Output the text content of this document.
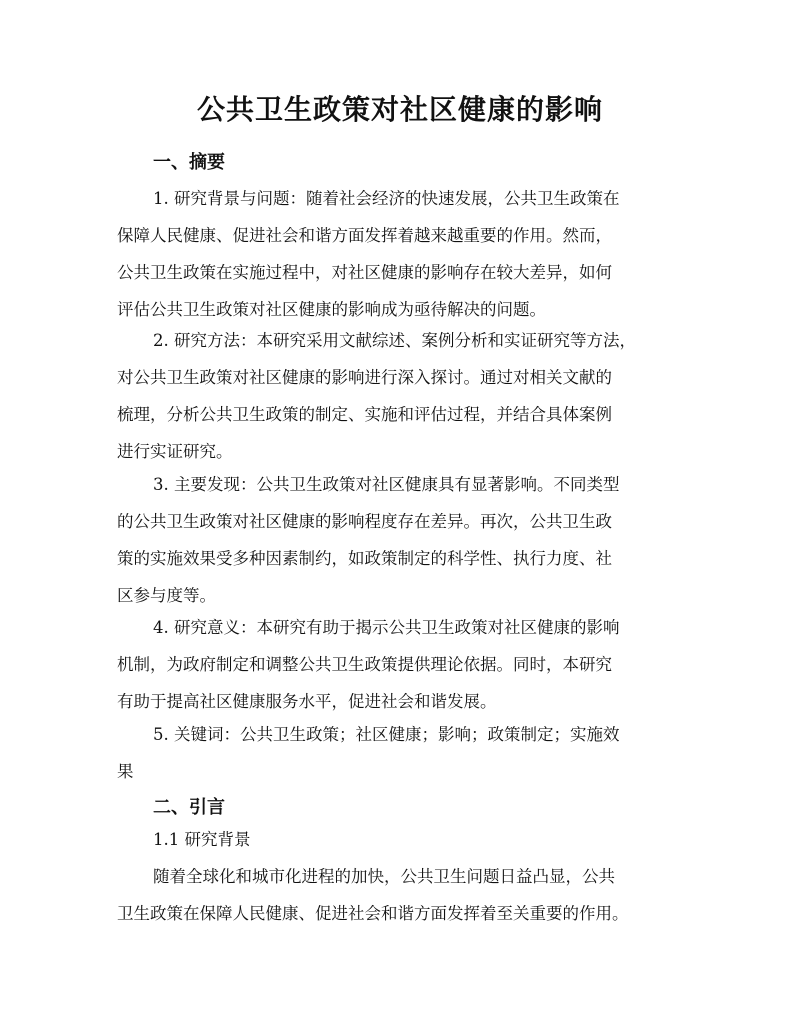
公共卫生政策对社区健康的影响
一、摘要
1. 研究背景与问题：随着社会经济的快速发展，公共卫生政策在
保障人民健康、促进社会和谐方面发挥着越来越重要的作用。然而，
公共卫生政策在实施过程中，对社区健康的影响存在较大差异，如何
评估公共卫生政策对社区健康的影响成为亟待解决的问题。
2. 研究方法：本研究采用文献综述、案例分析和实证研究等方法，
对公共卫生政策对社区健康的影响进行深入探讨。通过对相关文献的
梳理，分析公共卫生政策的制定、实施和评估过程，并结合具体案例
进行实证研究。
3. 主要发现：公共卫生政策对社区健康具有显著影响。不同类型
的公共卫生政策对社区健康的影响程度存在差异。再次，公共卫生政
策的实施效果受多种因素制约，如政策制定的科学性、执行力度、社
区参与度等。
4. 研究意义：本研究有助于揭示公共卫生政策对社区健康的影响
机制，为政府制定和调整公共卫生政策提供理论依据。同时，本研究
有助于提高社区健康服务水平，促进社会和谐发展。
5. 关键词：公共卫生政策；社区健康；影响；政策制定；实施效
果
二、引言
1.1 研究背景
随着全球化和城市化进程的加快，公共卫生问题日益凸显，公共
卫生政策在保障人民健康、促进社会和谐方面发挥着至关重要的作用。
